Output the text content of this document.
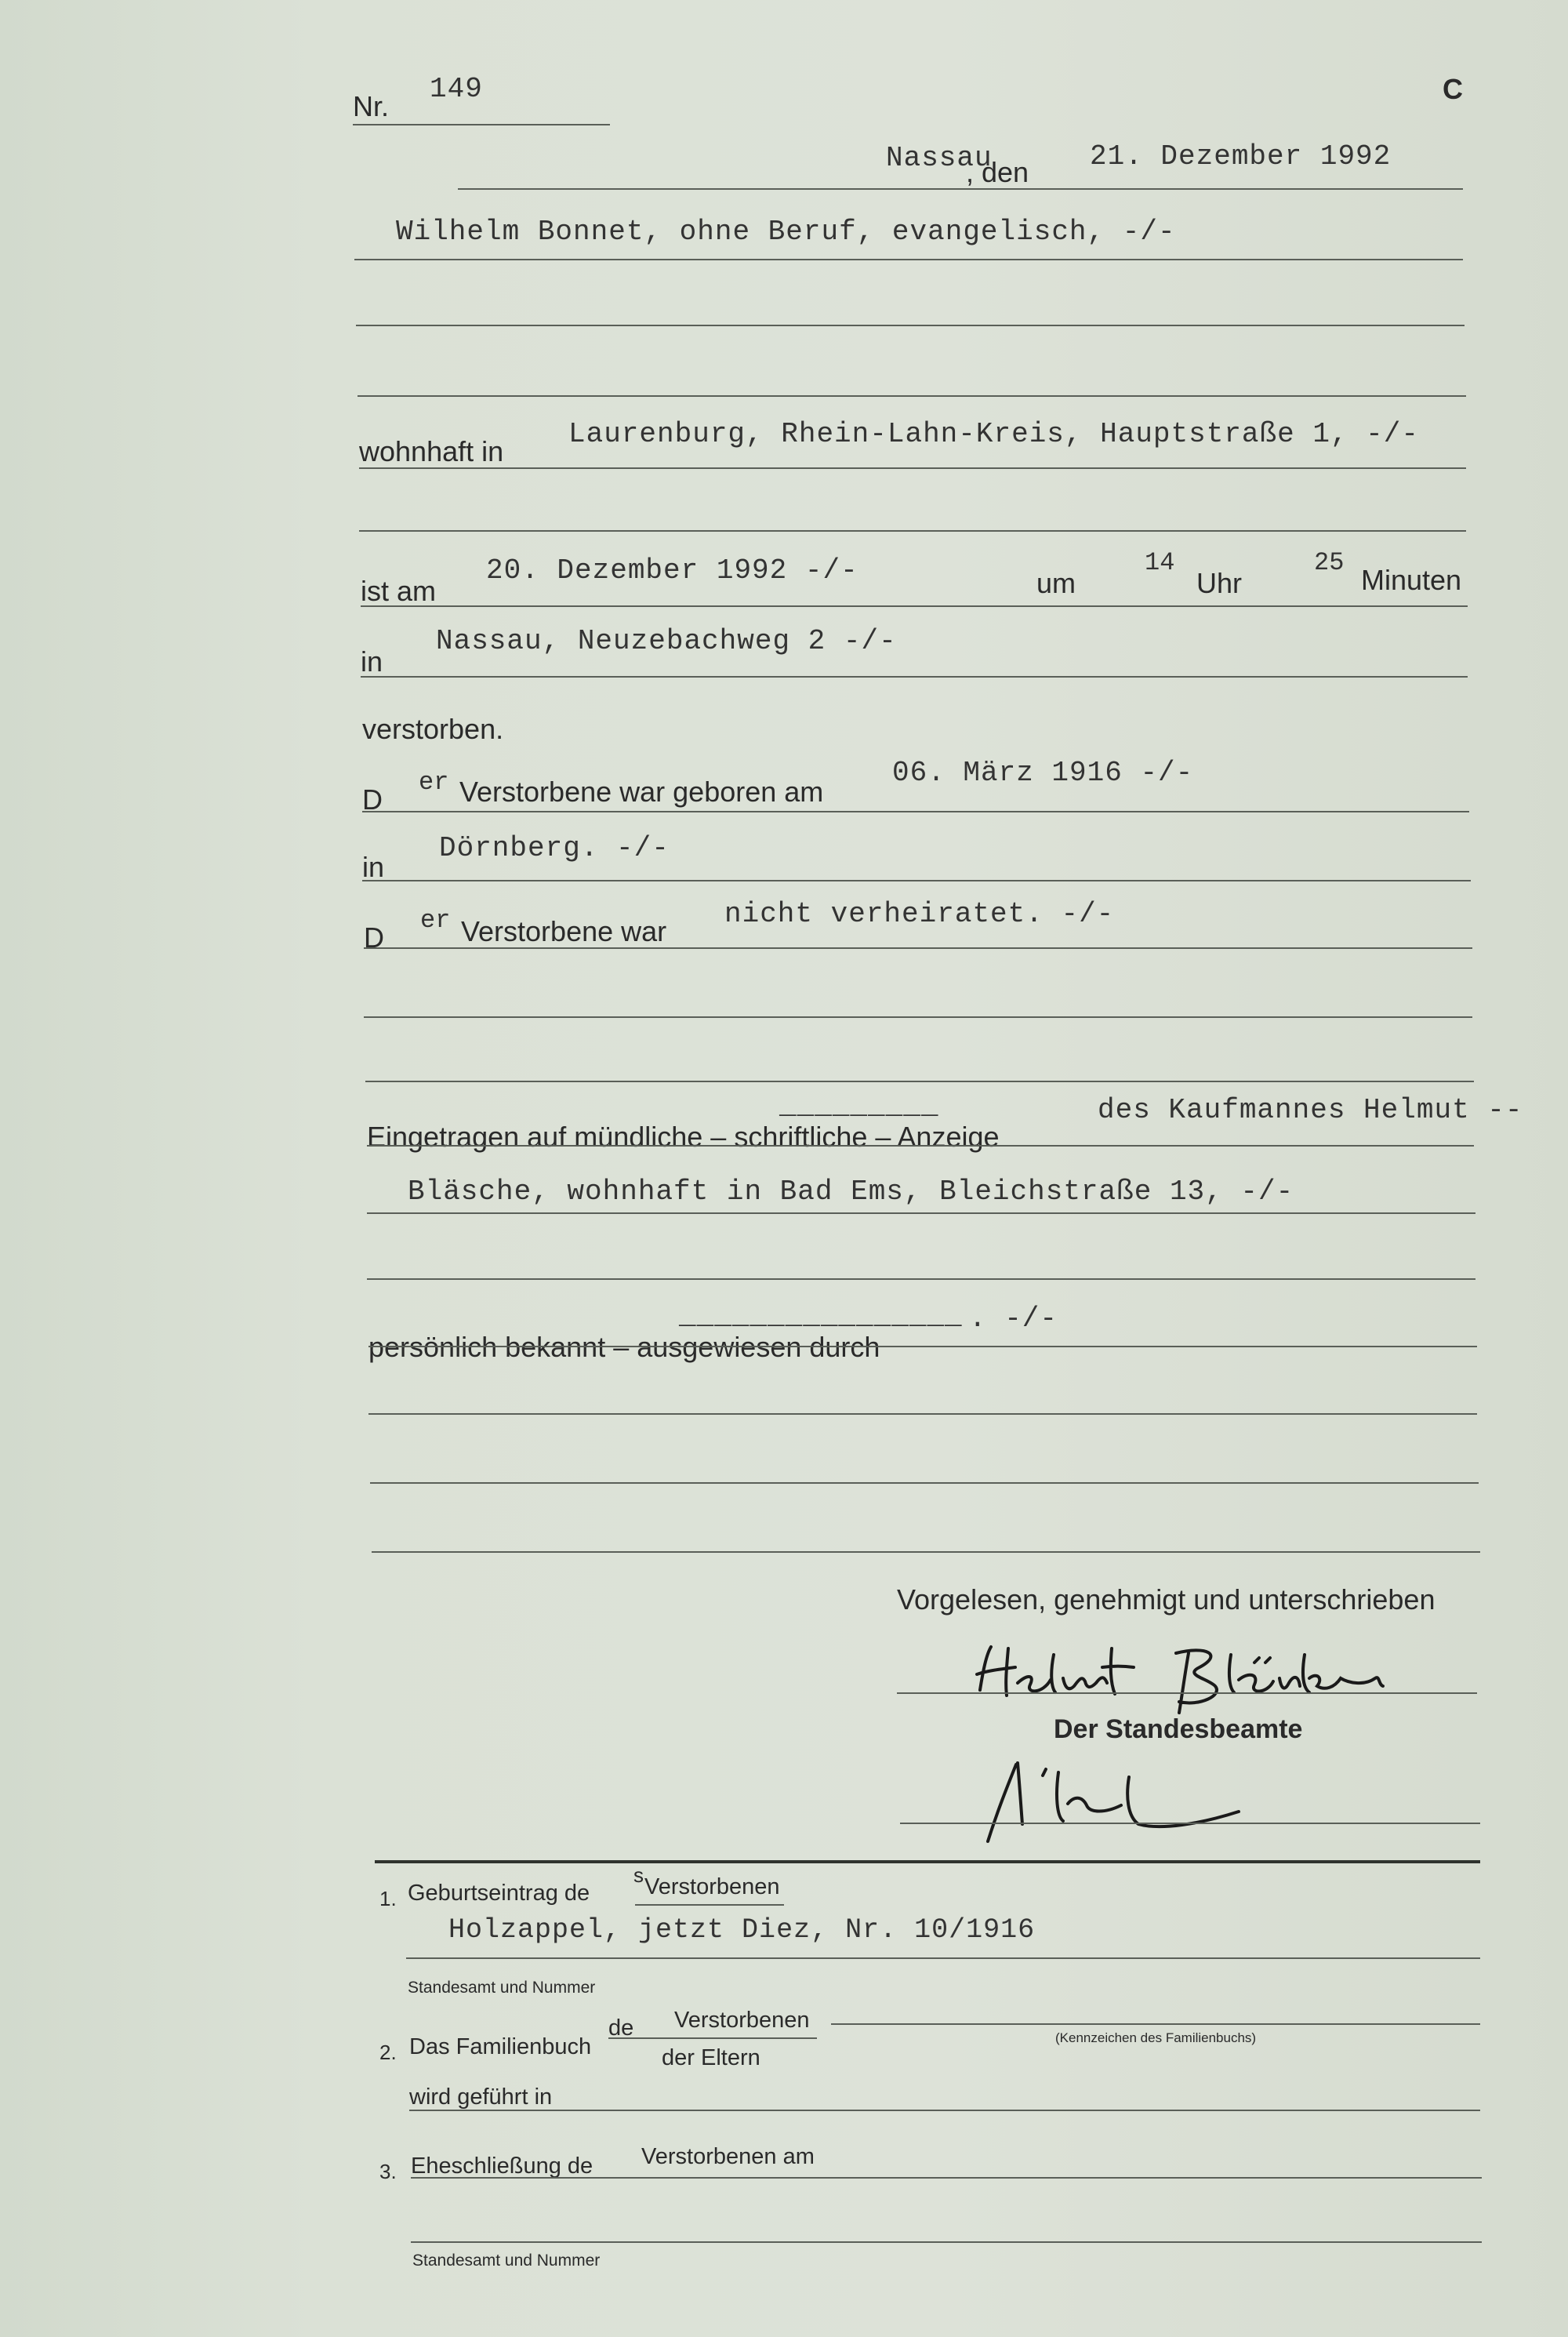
Nr.
149	C
Nassau
, den 21. Dezember 1992
Wilhelm Bonnet, ohne Beruf, evangelisch, -/-
wohnhaft in
Laurenburg, Rhein-Lahn-Kreis, Hauptstraße 1, -/-
ist am
20. Dezember 1992 -/-	um
14
Uhr
25
Minuten
in
Nassau, Neuzebachweg 2 -/-
verstorben.
D
er Verstorbene war geboren am
06. März 1916 -/-
in
Dörnberg. -/-
D
er Verstorbene war
nicht verheiratet. -/-
Eingetragen auf mündliche – schriftliche – Anzeige
_________	des Kaufmannes Helmut --
Bläsche, wohnhaft in Bad Ems, Bleichstraße 13, -/-
persönlich bekannt – ausgewiesen durch
________________ . -/-
Vorgelesen, genehmigt und unterschrieben
Der Standesbeamte
1. Geburtseintrag de
s Verstorbenen
Holzappel, jetzt Diez, Nr. 10/1916
Standesamt und Nummer
2. Das Familienbuch
de Verstorbenen
der Eltern
(Kennzeichen des Familienbuchs)
wird geführt in
3. Eheschließung de Verstorbenen am
Standesamt und Nummer
